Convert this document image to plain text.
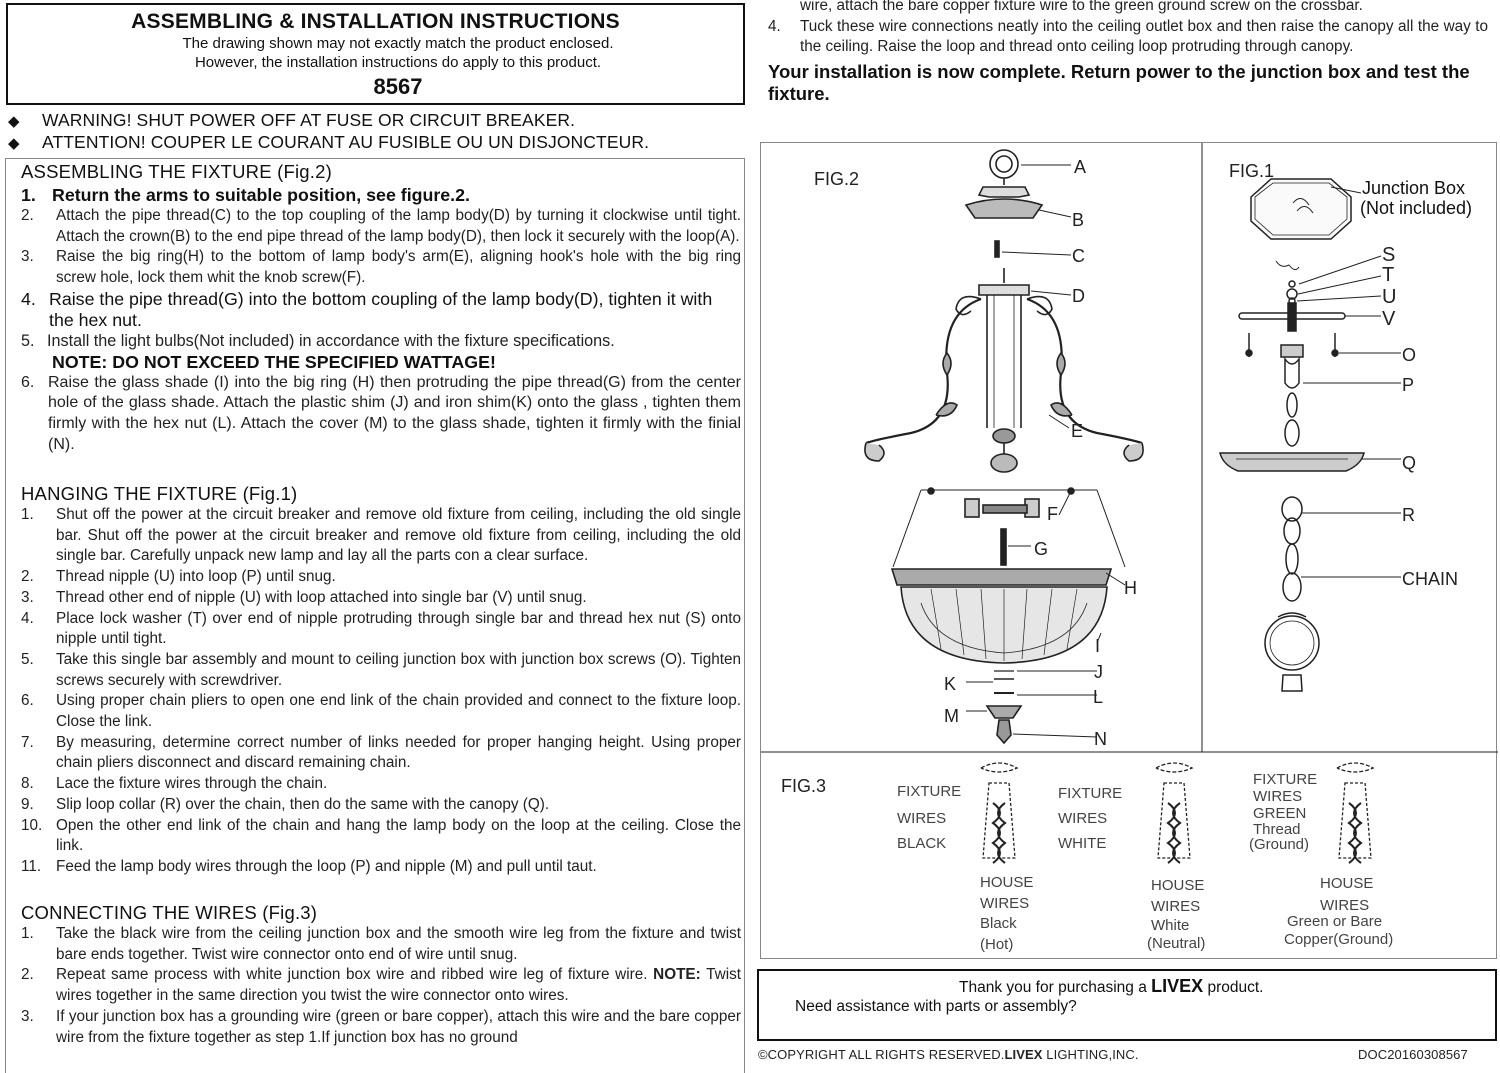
ASSEMBLING & INSTALLATION INSTRUCTIONS
The drawing shown may not exactly match the product enclosed.
However, the installation instructions do apply to this product.
8567
◆ WARNING! SHUT POWER OFF AT FUSE OR CIRCUIT BREAKER.
◆ ATTENTION! COUPER LE COURANT AU FUSIBLE OU UN DISJONCTEUR.
ASSEMBLING THE FIXTURE (Fig.2)
1. Return the arms to suitable position, see figure.2.
2.	Attach the pipe thread(C) to the top coupling of the lamp body(D) by turning it clockwise until tight. Attach the crown(B) to the end pipe thread of the lamp body(D), then lock it securely with the loop(A).
3.	Raise the big ring(H) to the bottom of lamp body's arm(E), aligning hook's hole with the big ring screw hole, lock them whit the knob screw(F).
4. Raise the pipe thread(G) into the bottom coupling of the lamp body(D), tighten it with the hex nut.
5. Install the light bulbs(Not included) in accordance with the fixture specifications.
NOTE: DO NOT EXCEED THE SPECIFIED WATTAGE!
6. Raise the glass shade (I) into the big ring (H) then protruding the pipe thread(G) from the center hole of the glass shade. Attach the plastic shim (J) and iron shim(K) onto the glass , tighten them firmly with the hex nut (L). Attach the cover (M) to the glass shade, tighten it firmly with the finial (N).
HANGING THE FIXTURE (Fig.1)
1.	Shut off the power at the circuit breaker and remove old fixture from ceiling, including the old single bar. Shut off the power at the circuit breaker and remove old fixture from ceiling, including the old single bar. Carefully unpack new lamp and lay all the parts con a clear surface.
2.	Thread nipple (U) into loop (P) until snug.
3.	Thread other end of nipple (U) with loop attached into single bar (V) until snug.
4.	Place lock washer (T) over end of nipple protruding through single bar and thread hex nut (S) onto nipple until tight.
5.	Take this single bar assembly and mount to ceiling junction box with junction box screws (O). Tighten screws securely with screwdriver.
6.	Using proper chain pliers to open one end link of the chain provided and connect to the fixture loop. Close the link.
7.	By measuring, determine correct number of links needed for proper hanging height. Using proper chain pliers disconnect and discard remaining chain.
8.	Lace the fixture wires through the chain.
9.	Slip loop collar (R) over the chain, then do the same with the canopy (Q).
10. Open the other end link of the chain and hang the lamp body on the loop at the ceiling. Close the link.
11. Feed the lamp body wires through the loop (P) and nipple (M) and pull until taut.
CONNECTING THE WIRES (Fig.3)
1.	Take the black wire from the ceiling junction box and the smooth wire leg from the fixture and twist bare ends together. Twist wire connector onto end of wire until snug.
2.	Repeat same process with white junction box wire and ribbed wire leg of fixture wire. NOTE: Twist wires together in the same direction you twist the wire connector onto wires.
3.	If your junction box has a grounding wire (green or bare copper), attach this wire and the bare copper wire from the fixture together as step 1.If junction box has no ground
wire, attach the bare copper fixture wire to the green ground screw on the crossbar.
4.	Tuck these wire connections neatly into the ceiling outlet box and then raise the canopy all the way to the ceiling. Raise the loop and thread onto ceiling loop protruding through canopy.
Your installation is now complete. Return power to the junction box and test the fixture.
FIG.2
A
B
C
D
E
F
G
H
I
J
K
L
M
N
FIG.1
Junction Box
(Not included)
S
T
U
V
O
P
Q
R
CHAIN
FIG.3	FIXTURE
WIRES
BLACK
HOUSE
WIRES
Black
(Hot)
FIXTURE
WIRES
WHITE
HOUSE
WIRES
White
(Neutral)
FIXTURE
WIRES
GREEN
Thread
(Ground)
HOUSE
WIRES
Green or Bare
Copper(Ground)
Thank you for purchasing a LIVEX product.
Need assistance with parts or assembly?
©COPYRIGHT ALL RIGHTS RESERVED.LIVEX LIGHTING,INC.	DOC20160308567
